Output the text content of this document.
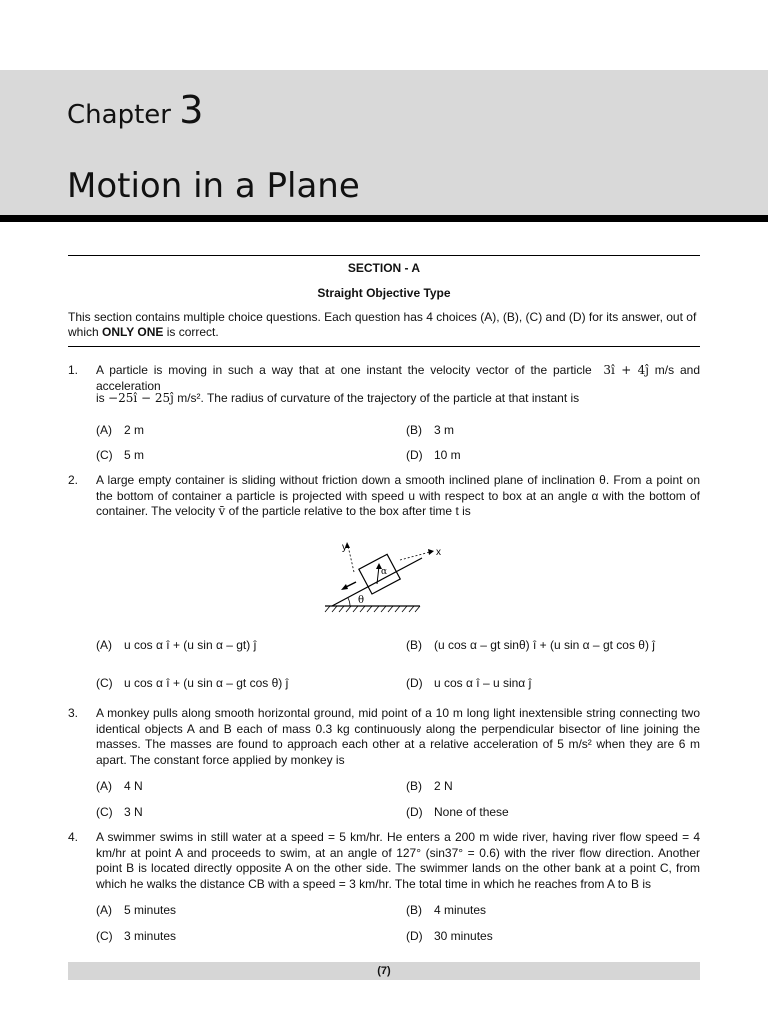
Chapter 3
Motion in a Plane
SECTION - A
Straight Objective Type
This section contains multiple choice questions. Each question has 4 choices (A), (B), (C) and (D) for its answer, out of which ONLY ONE is correct.
1. A particle is moving in such a way that at one instant the velocity vector of the particle 3î + 4ĵ m/s and acceleration
is −25î − 25ĵ m/s². The radius of curvature of the trajectory of the particle at that instant is
(A) 2 m	(B) 3 m
(C) 5 m	(D) 10 m
2. A large empty container is sliding without friction down a smooth inclined plane of inclination θ. From a point on the bottom of container a particle is projected with speed u with respect to box at an angle α with the bottom of container. The velocity v̄ of the particle relative to the box after time t is
θ
α
y	x
(A) u cos α î + (u sin α – gt) ĵ	(B) (u cos α – gt sinθ) î + (u sin α – gt cos θ) ĵ
(C) u cos α î + (u sin α – gt cos θ) ĵ	(D) u cos α î – u sinα ĵ
3. A monkey pulls along smooth horizontal ground, mid point of a 10 m long light inextensible string connecting two identical objects A and B each of mass 0.3 kg continuously along the perpendicular bisector of line joining the masses. The masses are found to approach each other at a relative acceleration of 5 m/s² when they are 6 m apart. The constant force applied by monkey is
(A) 4 N	(B) 2 N
(C) 3 N	(D) None of these
4. A swimmer swims in still water at a speed = 5 km/hr. He enters a 200 m wide river, having river flow speed = 4 km/hr at point A and proceeds to swim, at an angle of 127° (sin37° = 0.6) with the river flow direction. Another point B is located directly opposite A on the other side. The swimmer lands on the other bank at a point C, from which he walks the distance CB with a speed = 3 km/hr. The total time in which he reaches from A to B is
(A) 5 minutes	(B) 4 minutes
(C) 3 minutes	(D) 30 minutes
(7)
